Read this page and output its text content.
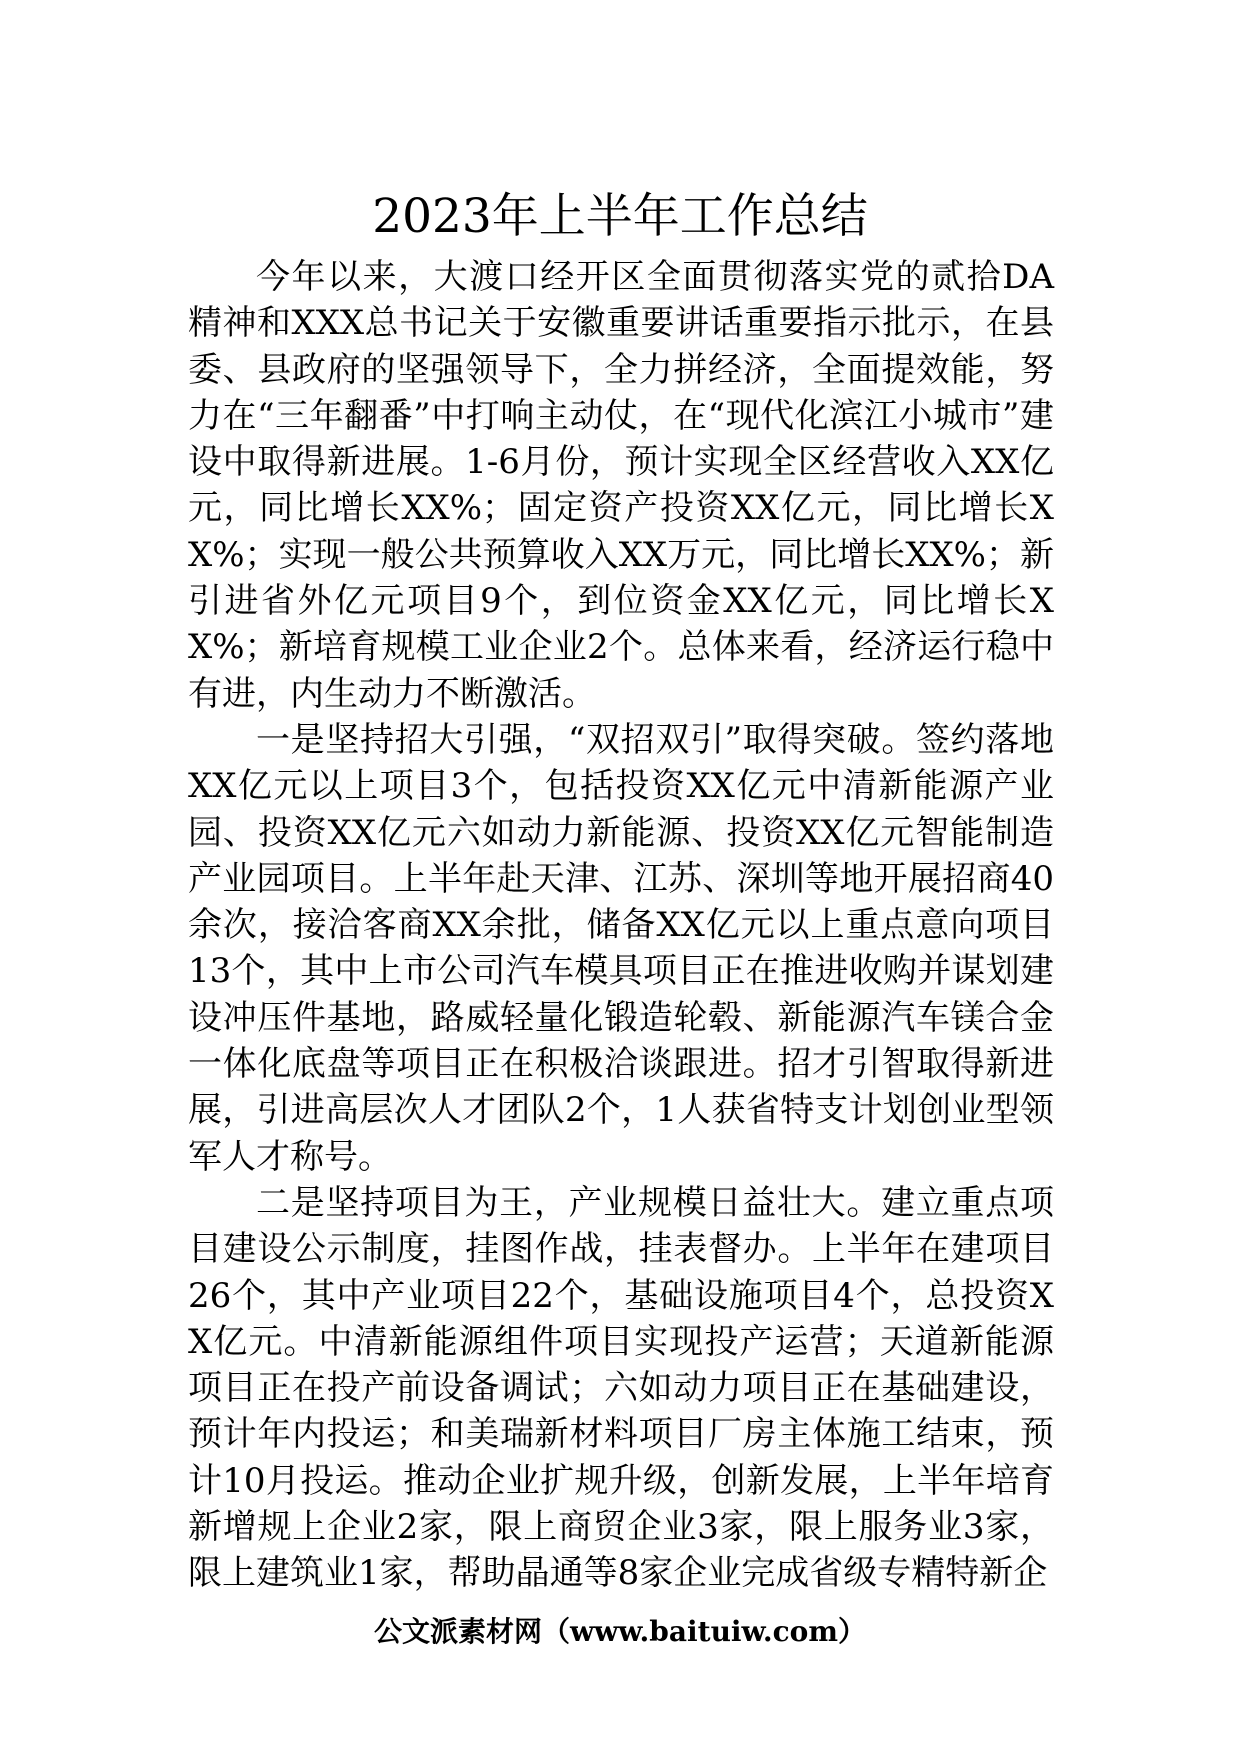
2023年上半年工作总结

今年以来，大渡口经开区全面贯彻落实党的贰拾DA精神和XXX总书记关于安徽重要讲话重要指示批示，在县委、县政府的坚强领导下，全力拼经济，全面提效能，努力在“三年翻番”中打响主动仗，在“现代化滨江小城市”建设中取得新进展。1-6月份，预计实现全区经营收入XX亿元，同比增长XX%；固定资产投资XX亿元，同比增长XX%；实现一般公共预算收入XX万元，同比增长XX%；新引进省外亿元项目9个，到位资金XX亿元，同比增长XX%；新培育规模工业企业2个。总体来看，经济运行稳中有进，内生动力不断激活。

一是坚持招大引强，“双招双引”取得突破。签约落地XX亿元以上项目3个，包括投资XX亿元中清新能源产业园、投资XX亿元六如动力新能源、投资XX亿元智能制造产业园项目。上半年赴天津、江苏、深圳等地开展招商40余次，接洽客商XX余批，储备XX亿元以上重点意向项目13个，其中上市公司汽车模具项目正在推进收购并谋划建设冲压件基地，路威轻量化锻造轮毂、新能源汽车镁合金一体化底盘等项目正在积极洽谈跟进。招才引智取得新进展，引进高层次人才团队2个，1人获省特支计划创业型领军人才称号。

二是坚持项目为王，产业规模日益壮大。建立重点项目建设公示制度，挂图作战，挂表督办。上半年在建项目26个，其中产业项目22个，基础设施项目4个，总投资XX亿元。中清新能源组件项目实现投产运营；天道新能源项目正在投产前设备调试；六如动力项目正在基础建设，预计年内投运；和美瑞新材料项目厂房主体施工结束，预计10月投运。推动企业扩规升级，创新发展，上半年培育新增规上企业2家，限上商贸企业3家，限上服务业3家，限上建筑业1家，帮助晶通等8家企业完成省级专精特新企

公文派素材网（www.baituiw.com）
